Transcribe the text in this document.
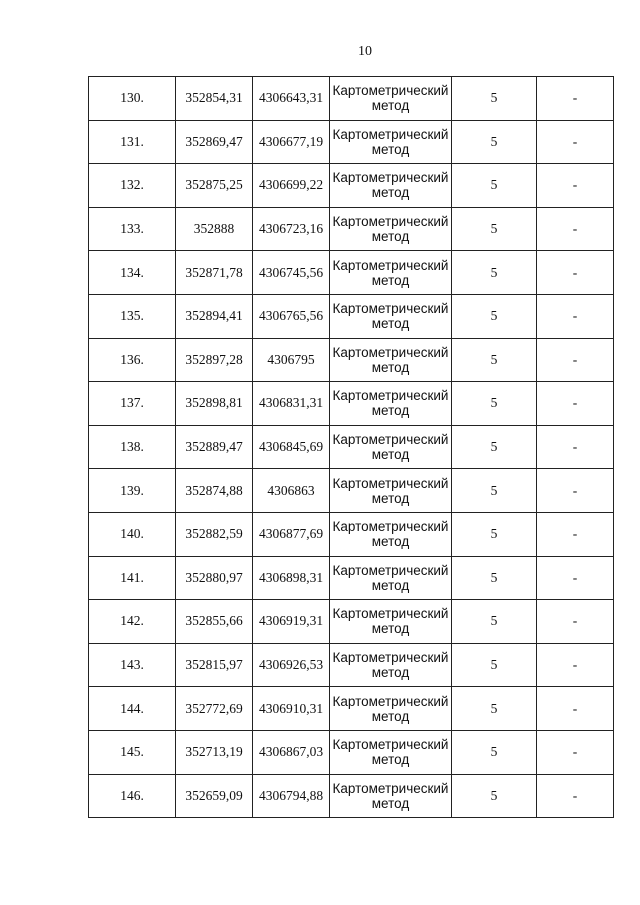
10
130.	352854,31	4306643,31	Картометрический
метод	5	-
131.	352869,47	4306677,19	Картометрический
метод	5	-
132.	352875,25	4306699,22	Картометрический
метод	5	-
133.	352888	4306723,16	Картометрический
метод	5	-
134.	352871,78	4306745,56	Картометрический
метод	5	-
135.	352894,41	4306765,56	Картометрический
метод	5	-
136.	352897,28	4306795	Картометрический
метод	5	-
137.	352898,81	4306831,31	Картометрический
метод	5	-
138.	352889,47	4306845,69	Картометрический
метод	5	-
139.	352874,88	4306863	Картометрический
метод	5	-
140.	352882,59	4306877,69	Картометрический
метод	5	-
141.	352880,97	4306898,31	Картометрический
метод	5	-
142.	352855,66	4306919,31	Картометрический
метод	5	-
143.	352815,97	4306926,53	Картометрический
метод	5	-
144.	352772,69	4306910,31	Картометрический
метод	5	-
145.	352713,19	4306867,03	Картометрический
метод	5	-
146.	352659,09	4306794,88	Картометрический
метод	5	-
